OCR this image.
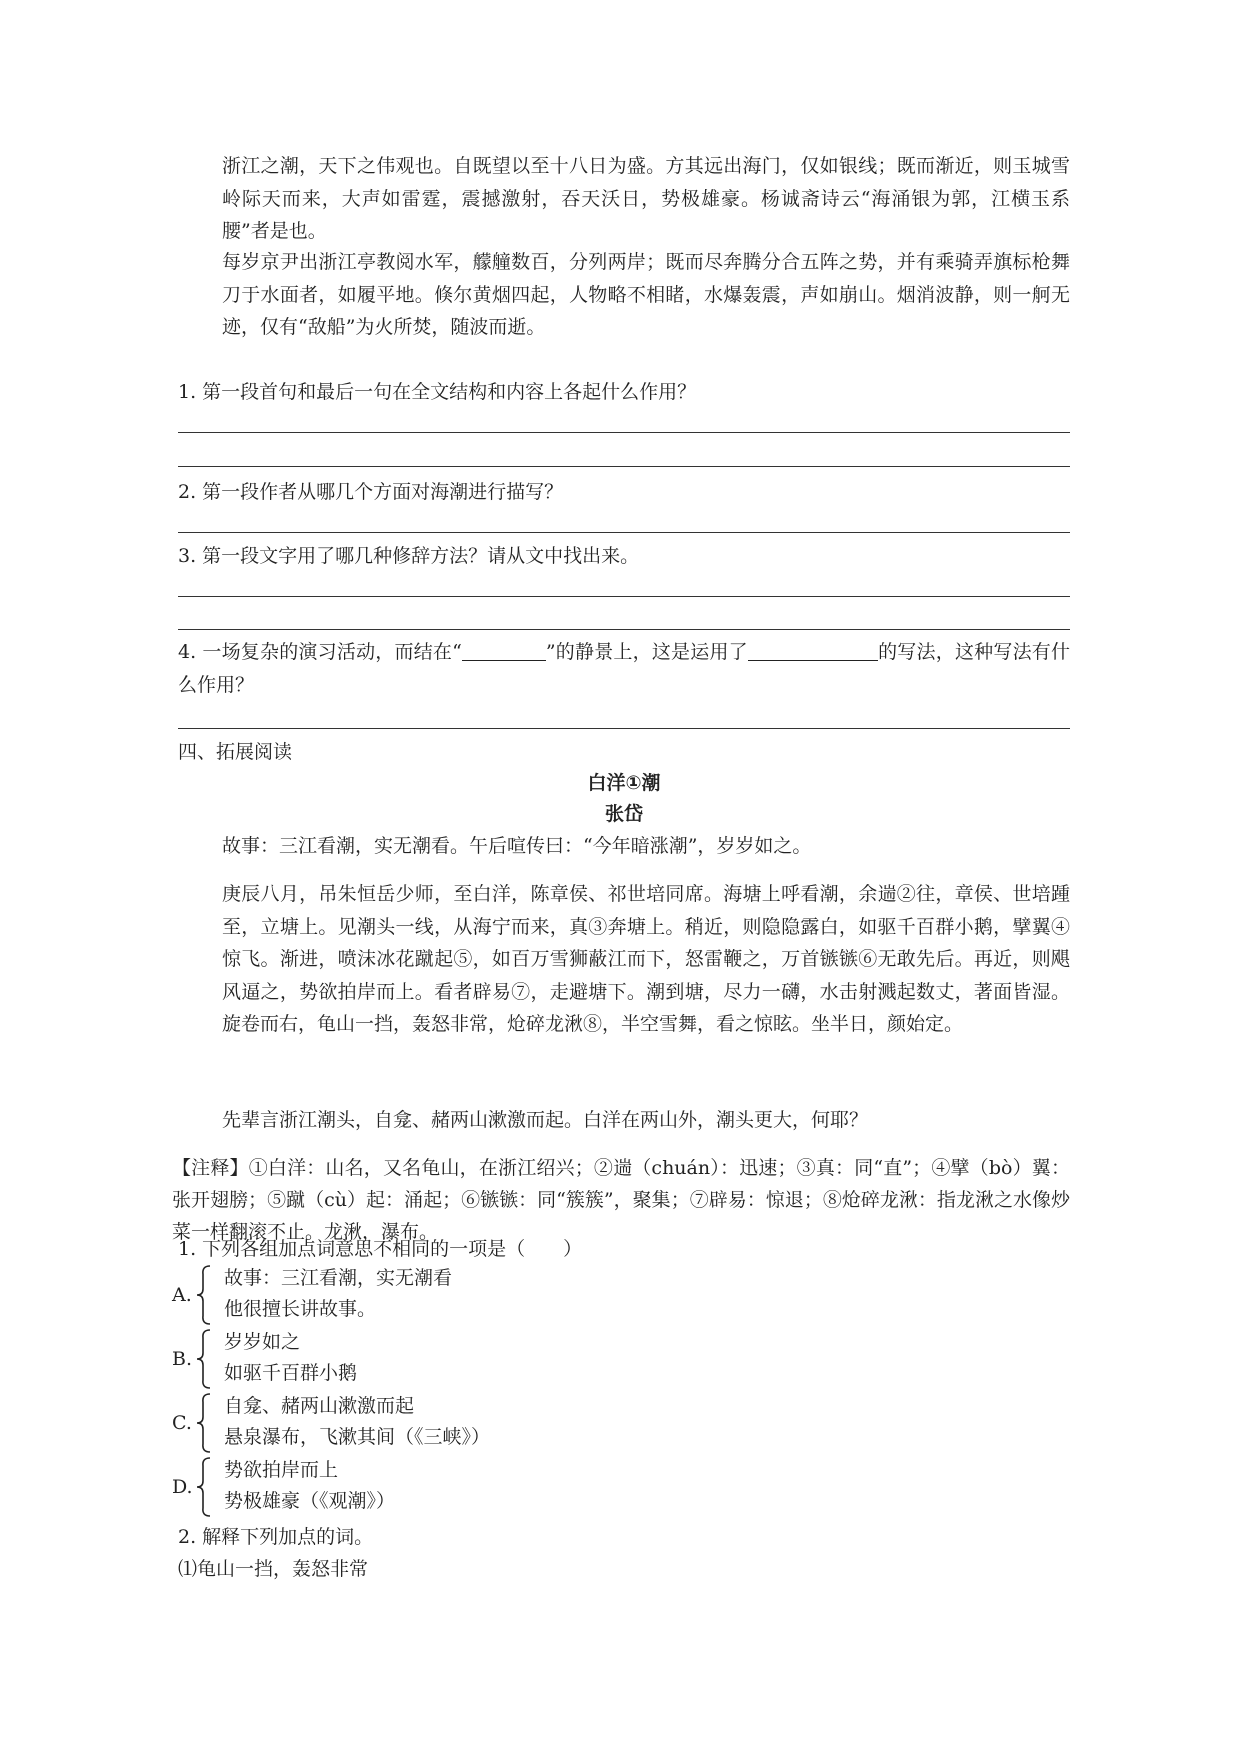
浙江之潮，天下之伟观也。自既望以至十八日为盛。方其远出海门，仅如银线；既而渐近，则玉城雪岭际天而来，大声如雷霆，震撼激射，吞天沃日，势极雄豪。杨诚斋诗云“海涌银为郭，江横玉系腰”者是也。

每岁京尹出浙江亭教阅水军，艨艟数百，分列两岸；既而尽奔腾分合五阵之势，并有乘骑弄旗标枪舞刀于水面者，如履平地。倏尔黄烟四起，人物略不相睹，水爆轰震，声如崩山。烟消波静，则一舸无迹，仅有“敌船”为火所焚，随波而逝。

1. 第一段首句和最后一句在全文结构和内容上各起什么作用？

2. 第一段作者从哪几个方面对海潮进行描写？

3. 第一段文字用了哪几种修辞方法？请从文中找出来。

4. 一场复杂的演习活动，而结在“	”的静景上，这是运用了	的写法，这种写法有什么作用？

四、拓展阅读

白洋①潮

张岱

故事：三江看潮，实无潮看。午后喧传曰：“今年暗涨潮”，岁岁如之。

庚辰八月，吊朱恒岳少师，至白洋，陈章侯、祁世培同席。海塘上呼看潮，余遄②往，章侯、世培踵至，立塘上。见潮头一线，从海宁而来，真③奔塘上。稍近，则隐隐露白，如驱千百群小鹅，擘翼④惊飞。渐进，喷沫冰花蹴起⑤，如百万雪狮蔽江而下，怒雷鞭之，万首镞镞⑥无敢先后。再近，则飓风逼之，势欲拍岸而上。看者辟易⑦，走避塘下。潮到塘，尽力一礴，水击射溅起数丈，著面皆湿。旋卷而右，龟山一挡，轰怒非常，炝碎龙湫⑧，半空雪舞，看之惊眩。坐半日，颜始定。

先辈言浙江潮头，自龛、赭两山漱激而起。白洋在两山外，潮头更大，何耶？

【注释】①白洋：山名，又名龟山，在浙江绍兴；②遄（chuán）：迅速；③真：同“直”；④擘（bò）翼：张开翅膀；⑤蹴（cù）起：涌起；⑥镞镞：同“簇簇”，聚集；⑦辟易：惊退；⑧炝碎龙湫：指龙湫之水像炒菜一样翻滚不止。龙湫，瀑布。

1. 下列各组加点词意思不相同的一项是（　　）

A.
故事：三江看潮，实无潮看
他很擅长讲故事。
B.
岁岁如之
如驱千百群小鹅
C.
自龛、赭两山漱激而起
悬泉瀑布，飞漱其间（《三峡》）
D.
势欲拍岸而上
势极雄豪（《观潮》）

2. 解释下列加点的词。

⑴龟山一挡，轰怒非常
